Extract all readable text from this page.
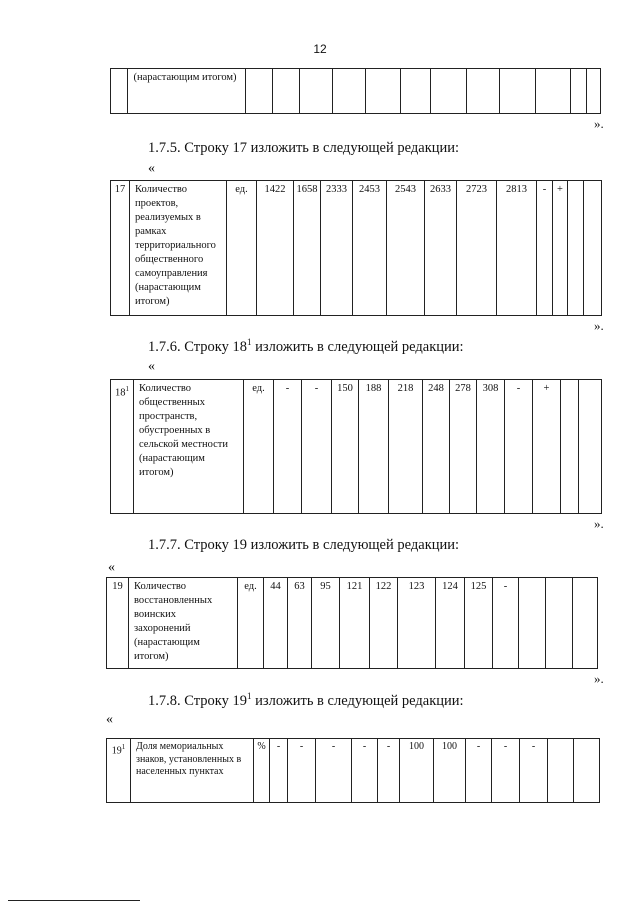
12
	(нарастающим итогом)												
».
1.7.5. Строку 17 изложить в следующей редакции:
«
17	Количество проектов, реализуемых в рамках территориального общественного самоуправления (нарастающим итогом)	ед.	1422	1658	2333	2453	2543	2633	2723	2813	-	+		
».
1.7.6. Строку $18^1$ изложить в следующей редакции:
«
$18^1$	Количество общественных пространств, обустроенных в сельской местности (нарастающим итогом)	ед.	-	-	150	188	218	248	278	308	-	+		
».
1.7.7. Строку 19 изложить в следующей редакции:
«
19	Количество восстановленных воинских захоронений (нарастающим итогом)	ед.	44	63	95	121	122	123	124	125	-			
».
1.7.8. Строку $19^1$ изложить в следующей редакции:
«
$19^1$	Доля мемориальных знаков, установленных в населенных пунктах	%	-	-	-	-	-	100	100	-	-	-		
